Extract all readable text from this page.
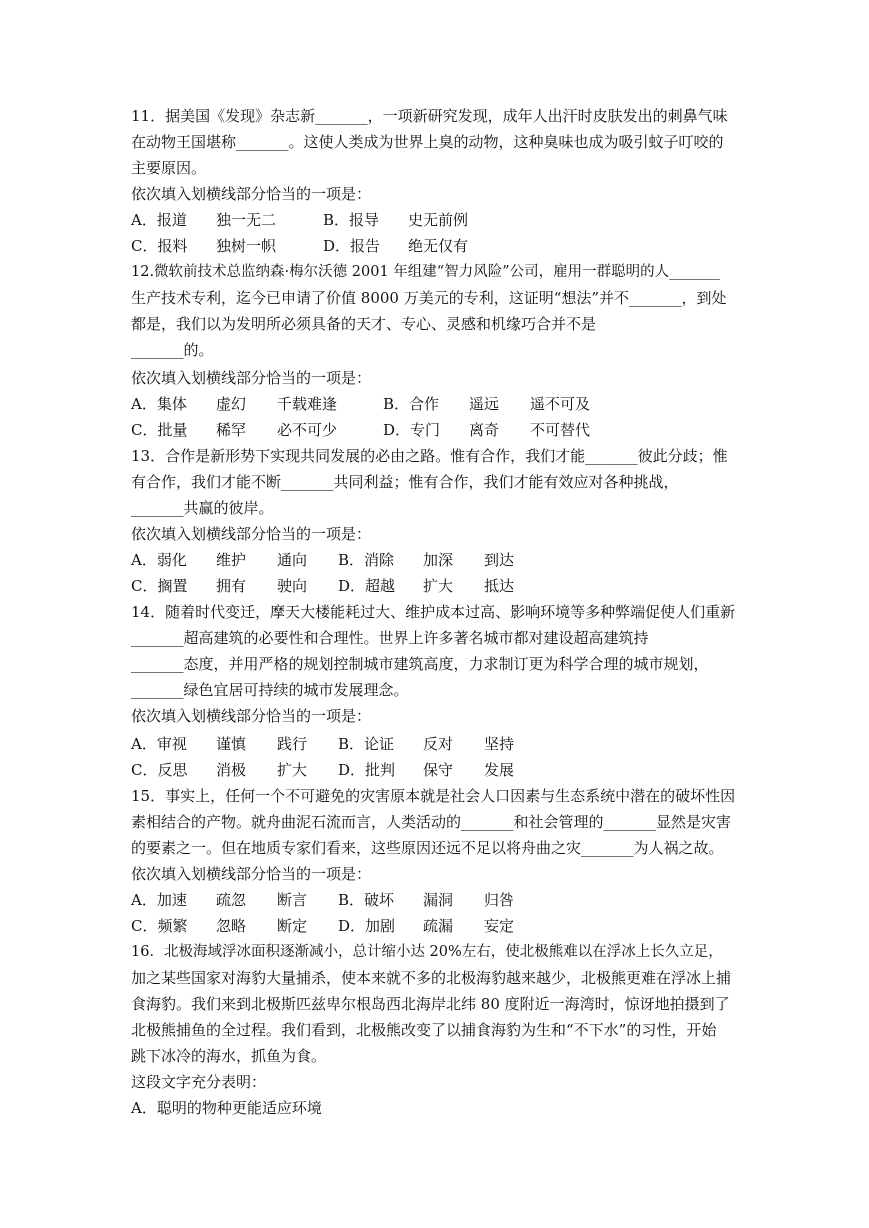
11．据美国《发现》杂志新_______，一项新研究发现，成年人出汗时皮肤发出的刺鼻气味
在动物王国堪称_______。这使人类成为世界上臭的动物，这种臭味也成为吸引蚊子叮咬的
主要原因。
依次填入划横线部分恰当的一项是：
A．报道 独一无二	B．报导 史无前例
C．报料 独树一帜	D．报告 绝无仅有
12.微软前技术总监纳森·梅尔沃德 2001 年组建“智力风险”公司，雇用一群聪明的人_______
生产技术专利，迄今已申请了价值 8000 万美元的专利，这证明“想法”并不_______，到处
都是，我们以为发明所必须具备的天才、专心、灵感和机缘巧合并不是
_______的。
依次填入划横线部分恰当的一项是：
A．集体 虚幻 千载难逢	B．合作 遥远 遥不可及
C．批量 稀罕 必不可少	D．专门 离奇 不可替代
13．合作是新形势下实现共同发展的必由之路。惟有合作，我们才能_______彼此分歧；惟
有合作，我们才能不断_______共同利益；惟有合作，我们才能有效应对各种挑战，
_______共赢的彼岸。
依次填入划横线部分恰当的一项是：
A．弱化 维护 通向 B．消除 加深 到达
C．搁置 拥有 驶向 D．超越 扩大 抵达
14．随着时代变迁，摩天大楼能耗过大、维护成本过高、影响环境等多种弊端促使人们重新
_______超高建筑的必要性和合理性。世界上许多著名城市都对建设超高建筑持
_______态度，并用严格的规划控制城市建筑高度，力求制订更为科学合理的城市规划，
_______绿色宜居可持续的城市发展理念。
依次填入划横线部分恰当的一项是：
A．审视 谨慎 践行 B．论证 反对 坚持
C．反思 消极 扩大 D．批判 保守 发展
15．事实上，任何一个不可避免的灾害原本就是社会人口因素与生态系统中潜在的破坏性因
素相结合的产物。就舟曲泥石流而言，人类活动的_______和社会管理的_______显然是灾害
的要素之一。但在地质专家们看来，这些原因还远不足以将舟曲之灾_______为人祸之故。
依次填入划横线部分恰当的一项是：
A．加速 疏忽 断言 B．破坏 漏洞 归咎
C．频繁 忽略 断定 D．加剧 疏漏 妄定
16．北极海域浮冰面积逐渐减小，总计缩小达 20%左右，使北极熊难以在浮冰上长久立足，
加之某些国家对海豹大量捕杀，使本来就不多的北极海豹越来越少，北极熊更难在浮冰上捕
食海豹。我们来到北极斯匹兹卑尔根岛西北海岸北纬 80 度附近一海湾时，惊讶地拍摄到了
北极熊捕鱼的全过程。我们看到，北极熊改变了以捕食海豹为生和“不下水”的习性，开始
跳下冰冷的海水，抓鱼为食。
这段文字充分表明：
A．聪明的物种更能适应环境
